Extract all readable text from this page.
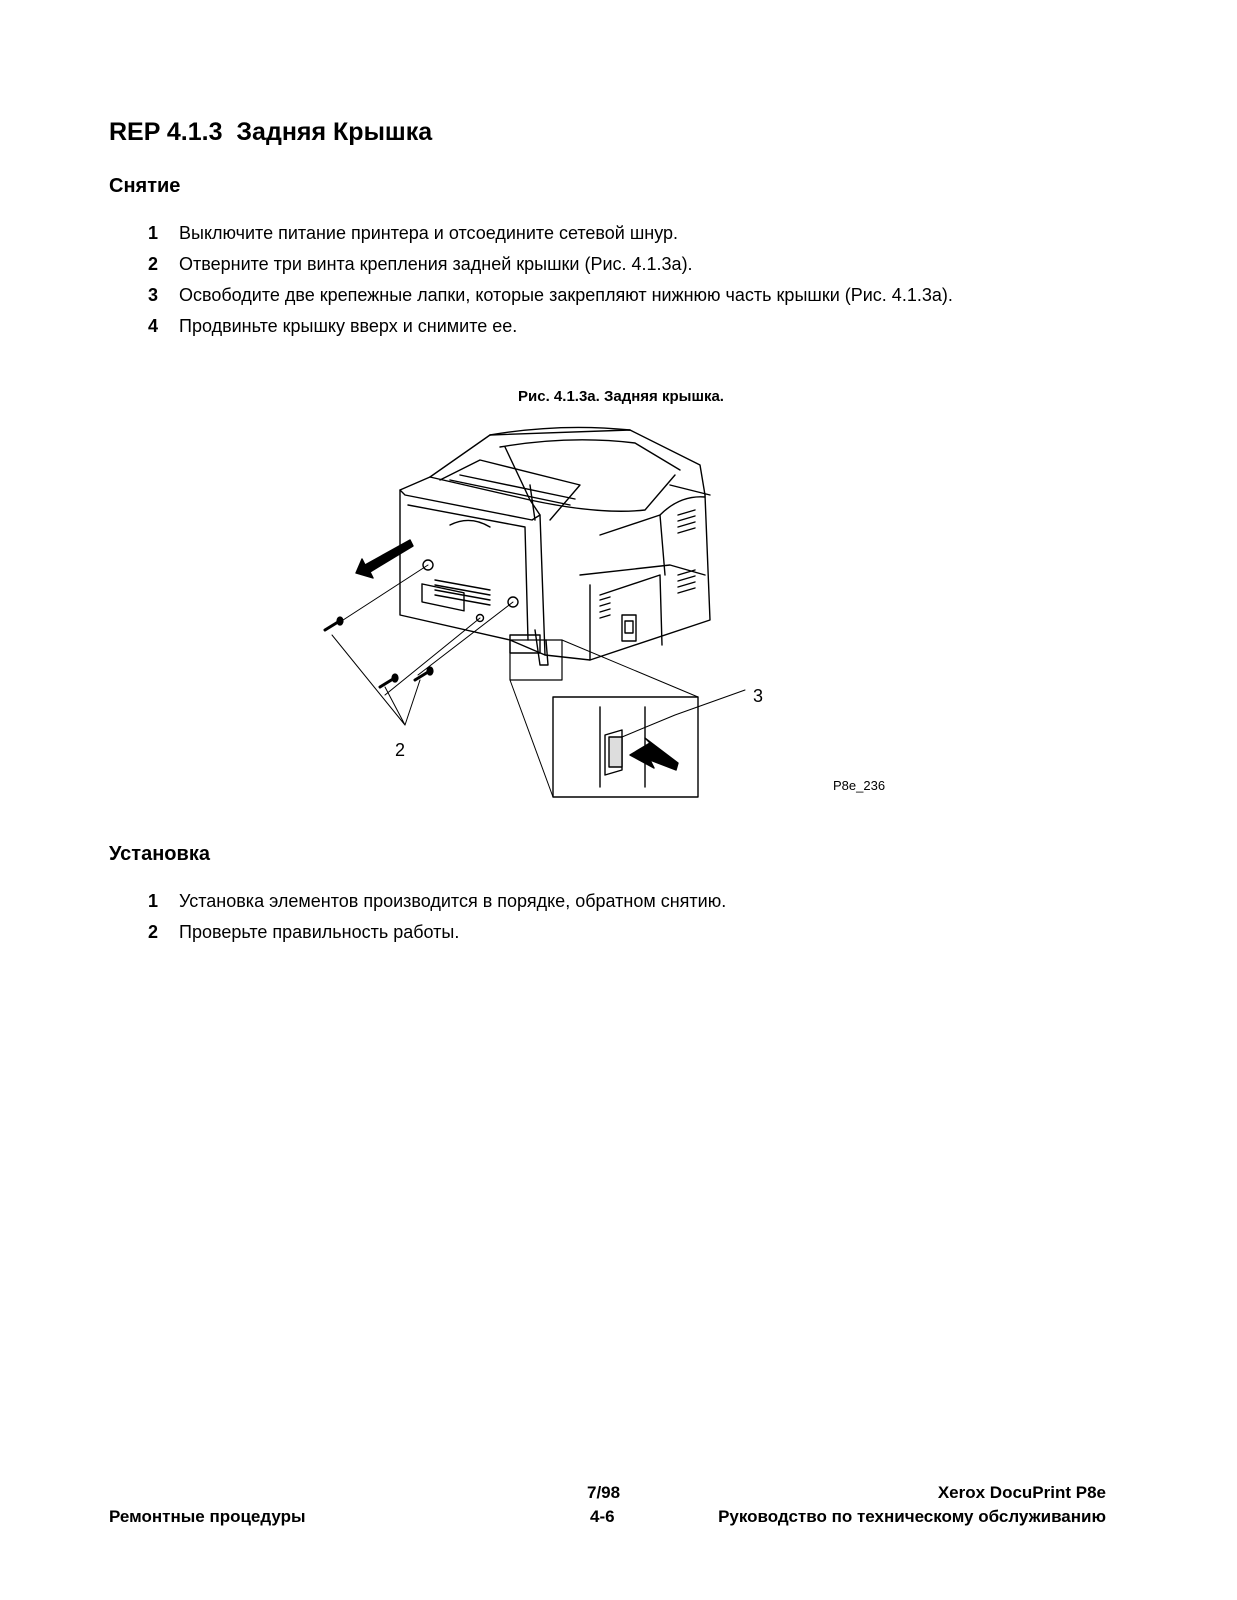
REP 4.1.3  Задняя Крышка
Снятие
1 Выключите питание принтера и отсоедините сетевой шнур.
2 Отверните три винта крепления задней крышки (Рис. 4.1.3a).
3 Освободите две крепежные лапки, которые закрепляют нижнюю часть крышки (Рис. 4.1.3a).
4 Продвиньте крышку вверх и снимите ее.
Рис. 4.1.3a. Задняя крышка.
2
3
P8e_236
Установка
1 Установка элементов производится в порядке, обратном снятию.
2 Проверьте правильность работы.
7/98	Xerox DocuPrint P8e
Ремонтные процедуры	4-6	Руководство по техническому обслуживанию
